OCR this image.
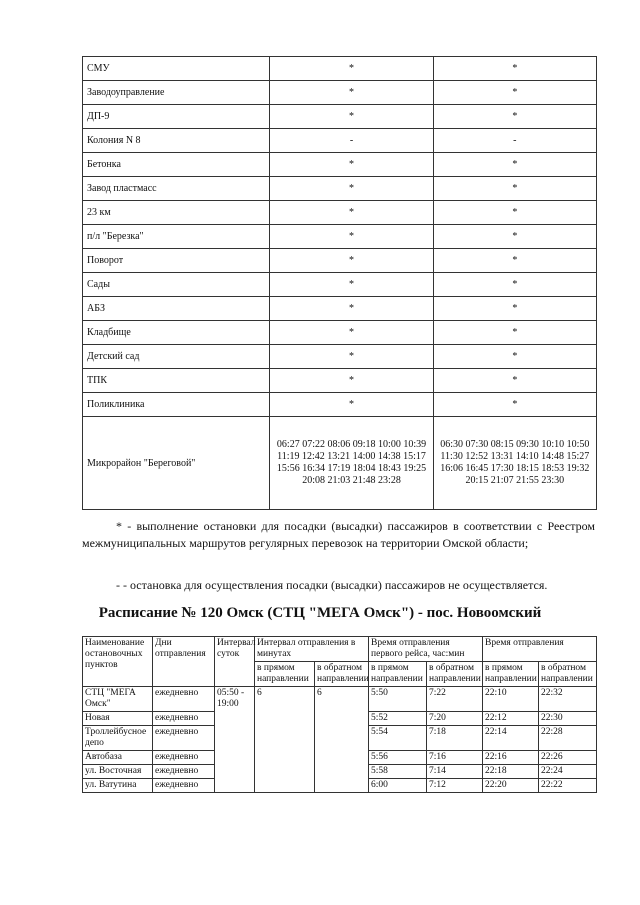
СМУ	*	*
Заводоуправление	*	*
ДП-9	*	*
Колония N 8	-	-
Бетонка	*	*
Завод пластмасс	*	*
23 км	*	*
п/л "Березка"	*	*
Поворот	*	*
Сады	*	*
АБЗ	*	*
Кладбище	*	*
Детский сад	*	*
ТПК	*	*
Поликлиника	*	*
Микрорайон "Береговой"	06:27 07:22 08:06 09:18 10:00 10:39 11:19 12:42 13:21 14:00 14:38 15:17 15:56 16:34 17:19 18:04 18:43 19:25 20:08 21:03 21:48 23:28	06:30 07:30 08:15 09:30 10:10 10:50 11:30 12:52 13:31 14:10 14:48 15:27 16:06 16:45 17:30 18:15 18:53 19:32 20:15 21:07 21:55 23:30
* - выполнение остановки для посадки (высадки) пассажиров в соответствии с Реестром межмуниципальных маршрутов регулярных перевозок на территории Омской области;
- - остановка для осуществления посадки (высадки) пассажиров не осуществляется.
Расписание № 120 Омск (СТЦ "МЕГА Омск") - пос. Новоомский
Наименование остановочных пунктов	Дни отправления	Интервал суток	Интервал отправления в минутах		Время отправления первого рейса, час:мин		Время отправления	
			в прямом направлении	в обратном направлении	в прямом направлении	в обратном направлении	в прямом направлении	в обратном направлении
СТЦ "МЕГА Омск"	ежедневно	05:50 - 19:00	6	6	5:50	7:22	22:10	22:32
Новая	ежедневно				5:52	7:20	22:12	22:30
Троллейбусное депо	ежедневно				5:54	7:18	22:14	22:28
Автобаза	ежедневно				5:56	7:16	22:16	22:26
ул. Восточная	ежедневно				5:58	7:14	22:18	22:24
ул. Ватутина	ежедневно				6:00	7:12	22:20	22:22
